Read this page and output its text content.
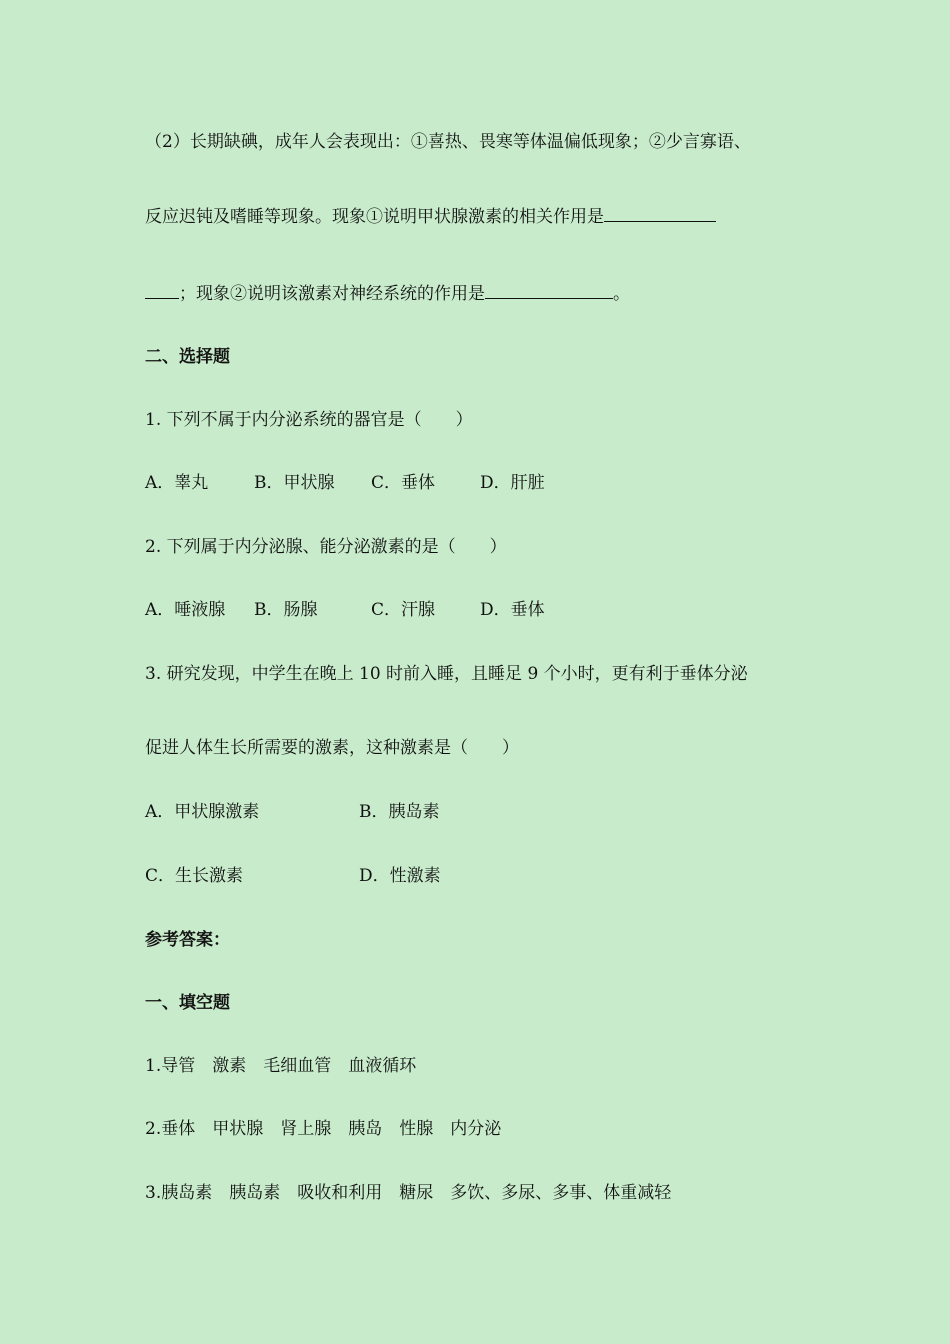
（2）长期缺碘，成年人会表现出：①喜热、畏寒等体温偏低现象；②少言寡语、
反应迟钝及嗜睡等现象。现象①说明甲状腺激素的相关作用是
；现象②说明该激素对神经系统的作用是	。
二、选择题
1. 下列不属于内分泌系统的器官是（　　）
A．睾丸	B．甲状腺 C．垂体	D．肝脏
2. 下列属于内分泌腺、能分泌激素的是（　　）
A．唾液腺 B．肠腺	C．汗腺	D．垂体
3. 研究发现，中学生在晚上 10 时前入睡，且睡足 9 个小时，更有利于垂体分泌
促进人体生长所需要的激素，这种激素是（　　）
A．甲状腺激素	B．胰岛素
C．生长激素	D．性激素
参考答案：
一、填空题
1.导管　激素　毛细血管　血液循环
2.垂体　甲状腺　肾上腺　胰岛　性腺　内分泌
3.胰岛素　胰岛素　吸收和利用　糖尿　多饮、多尿、多事、体重减轻
